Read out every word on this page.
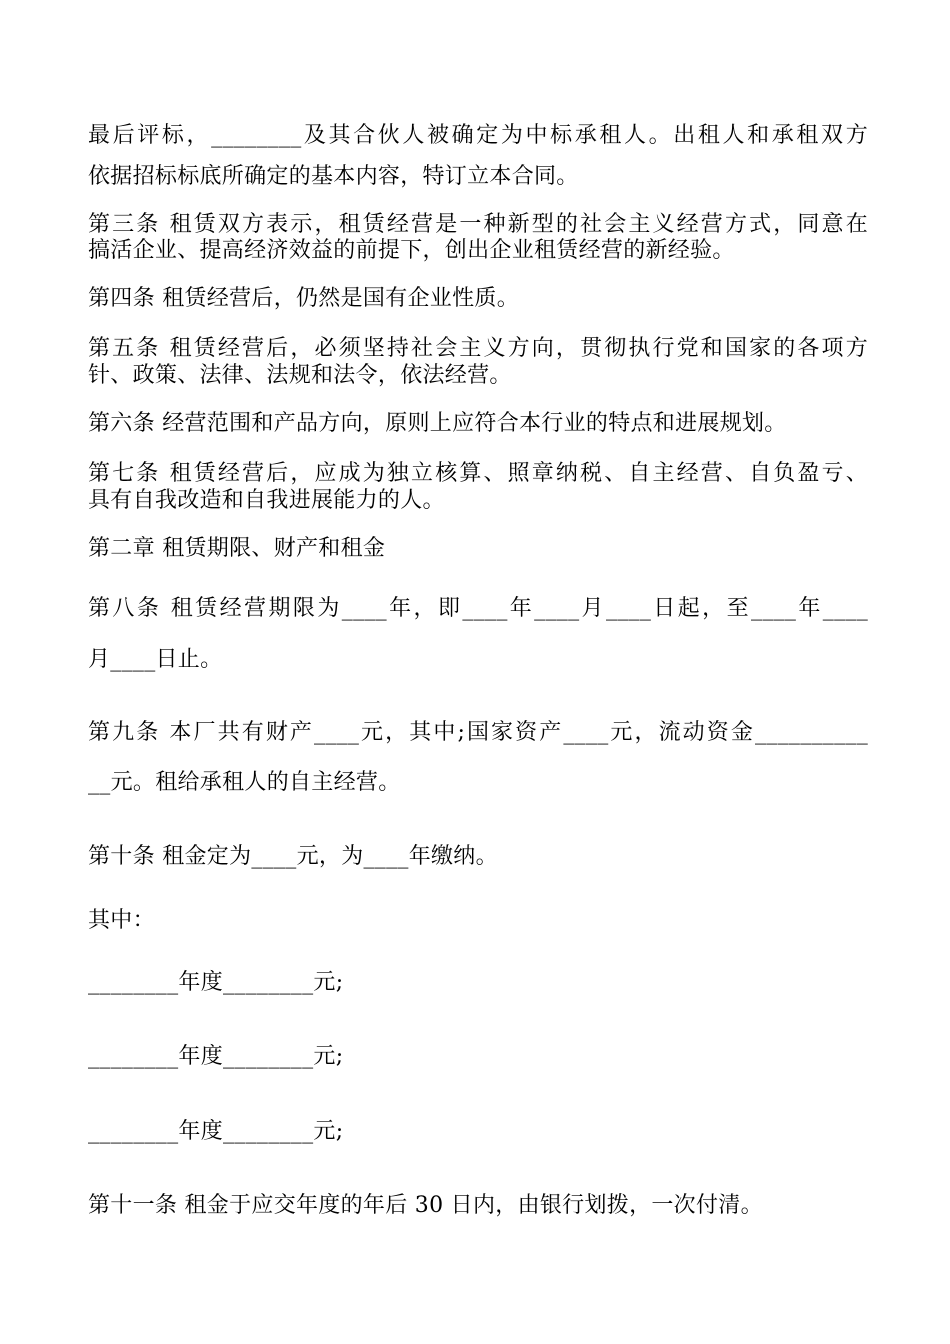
最后评标，________及其合伙人被确定为中标承租人。出租人和承租双方
依据招标标底所确定的基本内容，特订立本合同。
第三条 租赁双方表示，租赁经营是一种新型的社会主义经营方式，同意在
搞活企业、提高经济效益的前提下，创出企业租赁经营的新经验。
第四条 租赁经营后，仍然是国有企业性质。
第五条 租赁经营后，必须坚持社会主义方向，贯彻执行党和国家的各项方
针、政策、法律、法规和法令，依法经营。
第六条 经营范围和产品方向，原则上应符合本行业的特点和进展规划。
第七条 租赁经营后，应成为独立核算、照章纳税、自主经营、自负盈亏、
具有自我改造和自我进展能力的人。
第二章 租赁期限、财产和租金
第八条 租赁经营期限为____年，即____年____月____日起，至____年____
月____日止。
第九条 本厂共有财产____元，其中;国家资产____元，流动资金__________
__元。租给承租人的自主经营。
第十条 租金定为____元，为____年缴纳。
其中：
________年度________元;
________年度________元;
________年度________元;
第十一条 租金于应交年度的年后 30 日内，由银行划拨，一次付清。
